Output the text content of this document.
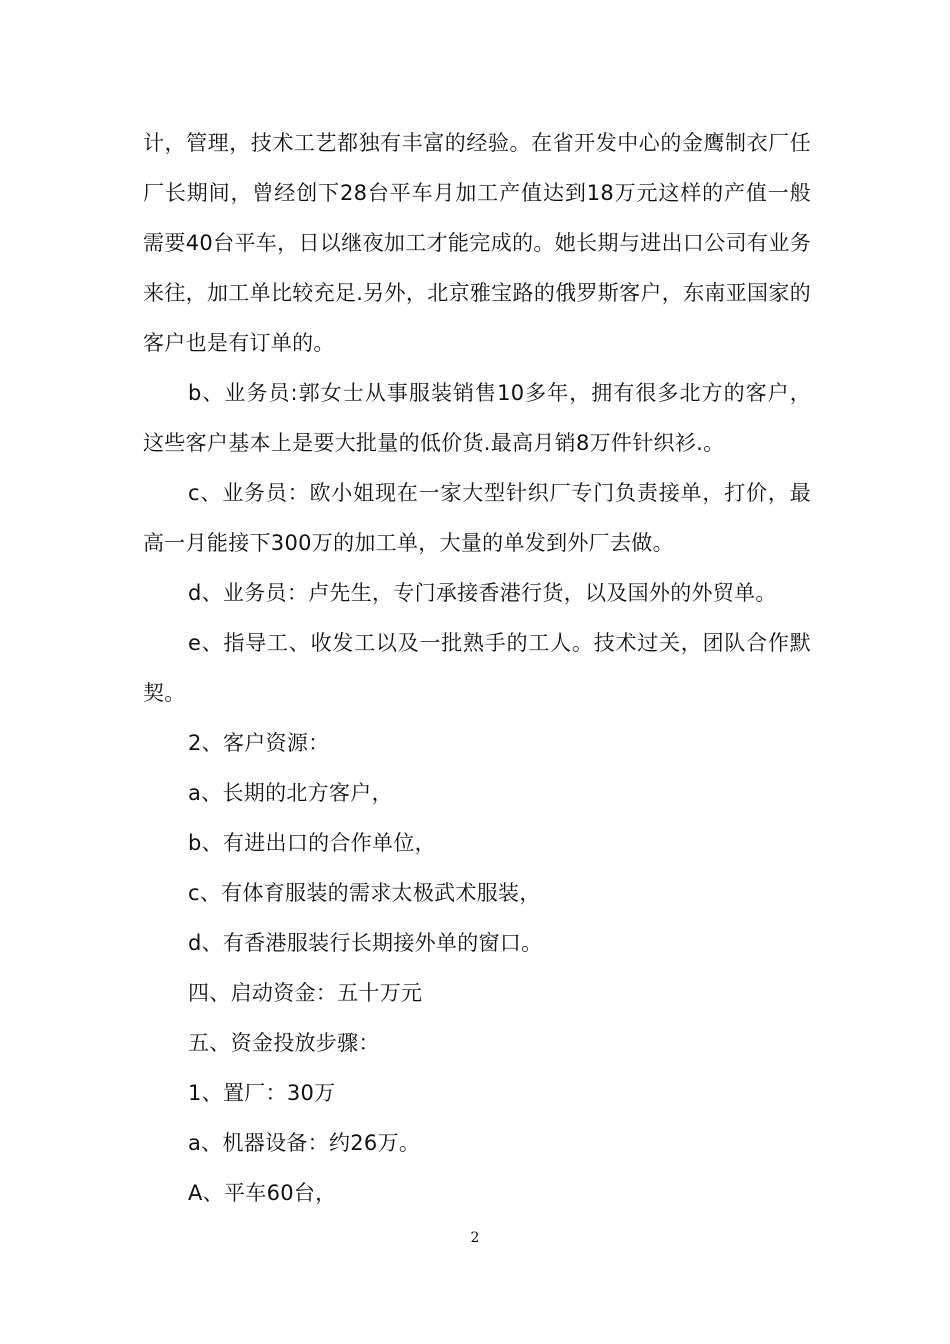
计，管理，技术工艺都独有丰富的经验。在省开发中心的金鹰制衣厂任厂长期间，曾经创下28台平车月加工产值达到18万元这样的产值一般需要40台平车，日以继夜加工才能完成的。她长期与进出口公司有业务来往，加工单比较充足.另外，北京雅宝路的俄罗斯客户，东南亚国家的客户也是有订单的。

b、业务员:郭女士从事服装销售10多年，拥有很多北方的客户，这些客户基本上是要大批量的低价货.最高月销8万件针织衫.。

c、业务员：欧小姐现在一家大型针织厂专门负责接单，打价，最高一月能接下300万的加工单，大量的单发到外厂去做。

d、业务员：卢先生，专门承接香港行货，以及国外的外贸单。

e、指导工、收发工以及一批熟手的工人。技术过关，团队合作默契。

2、客户资源：

a、长期的北方客户，

b、有进出口的合作单位，

c、有体育服装的需求太极武术服装，

d、有香港服装行长期接外单的窗口。

四、启动资金：五十万元

五、资金投放步骤：

1、置厂：30万

a、机器设备：约26万。

A、平车60台，

2
